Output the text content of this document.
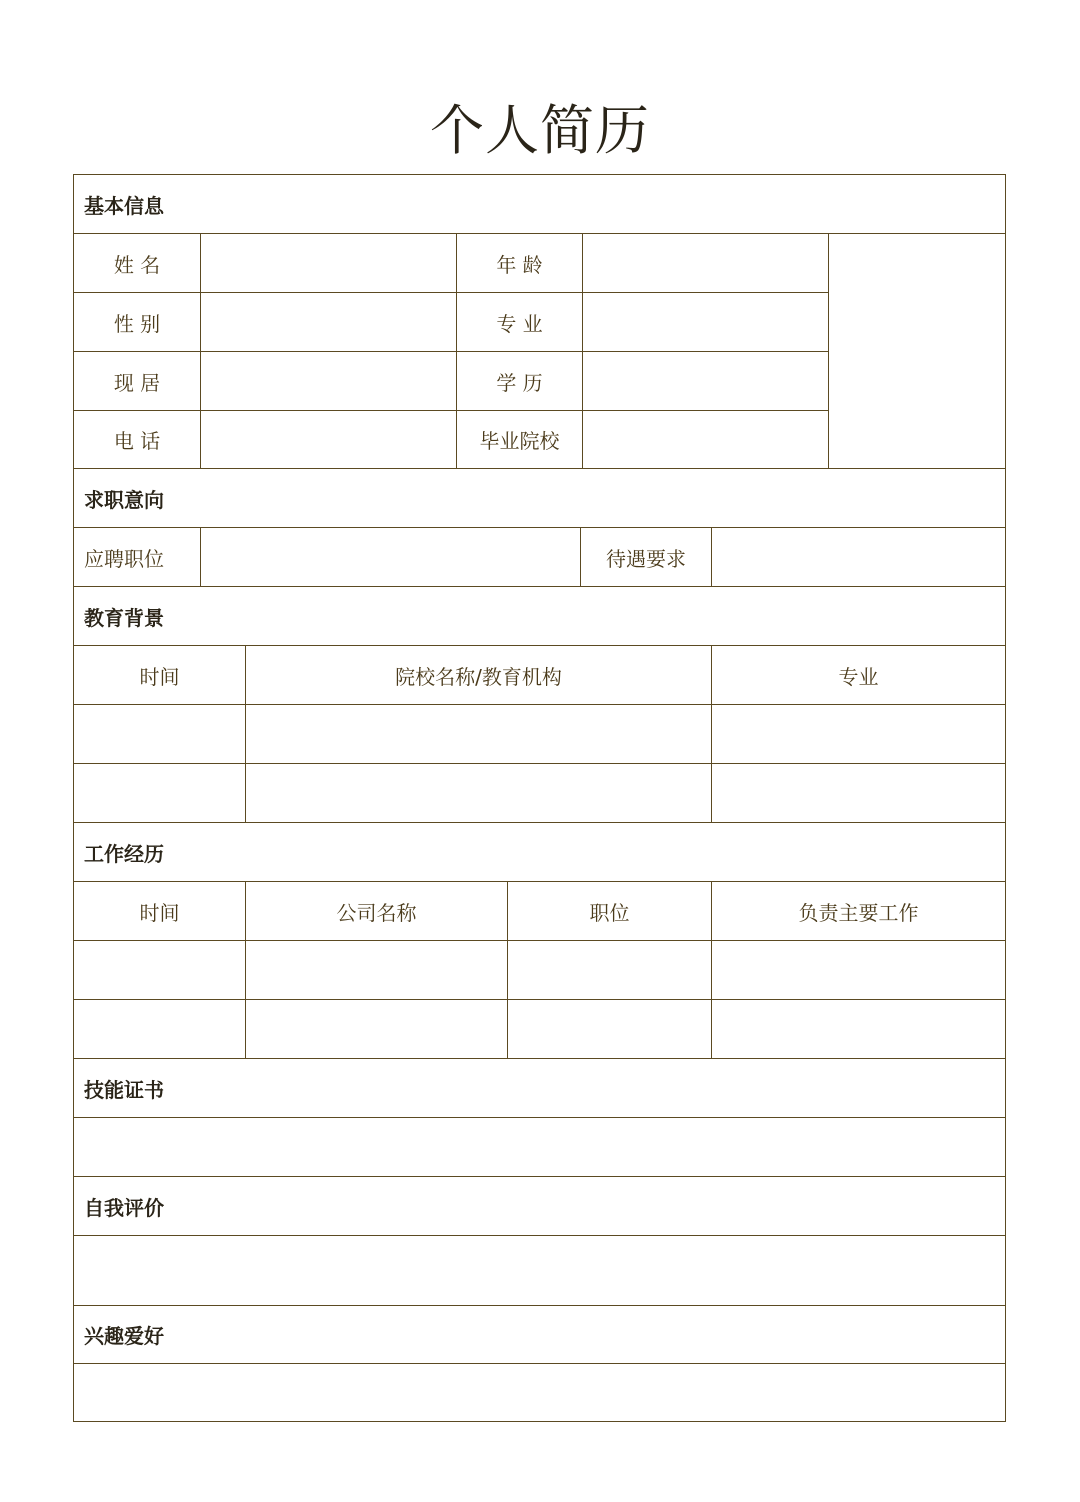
个人简历
基本信息
姓 名	年 龄
性 别	专 业
现 居	学 历
电 话	毕业院校
求职意向
应聘职位	待遇要求
教育背景
时间	院校名称/教育机构	专业
工作经历
时间	公司名称	职位	负责主要工作
技能证书
自我评价
兴趣爱好
